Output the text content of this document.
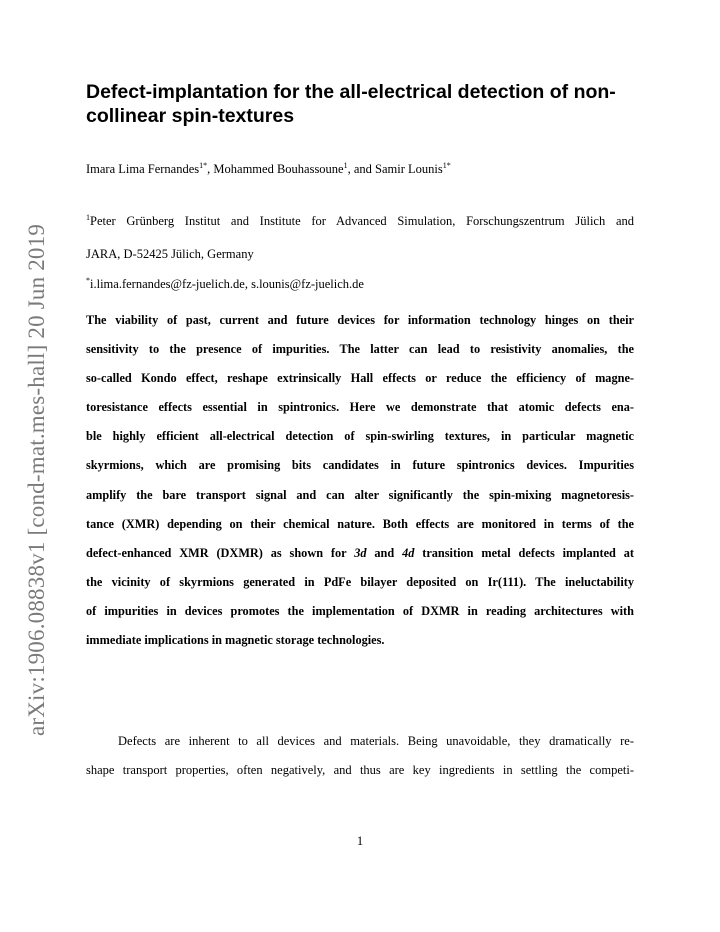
arXiv:1906.08838v1 [cond-mat.mes-hall] 20 Jun 2019
Defect-implantation for the all-electrical detection of non-
collinear spin-textures
Imara Lima Fernandes$^{1*}$, Mohammed Bouhassoune$^1$, and Samir Lounis$^{1*}$
$^1$Peter Grünberg Institut and Institute for Advanced Simulation, Forschungszentrum Jülich and
JARA, D-52425 Jülich, Germany
*i.lima.fernandes@fz-juelich.de, s.lounis@fz-juelich.de

The viability of past, current and future devices for information technology hinges on their
sensitivity to the presence of impurities. The latter can lead to resistivity anomalies, the
so-called Kondo effect, reshape extrinsically Hall effects or reduce the efficiency of magne-
toresistance effects essential in spintronics. Here we demonstrate that atomic defects ena-
ble highly efficient all-electrical detection of spin-swirling textures, in particular magnetic
skyrmions, which are promising bits candidates in future spintronics devices. Impurities
amplify the bare transport signal and can alter significantly the spin-mixing magnetoresis-
tance (XMR) depending on their chemical nature. Both effects are monitored in terms of the
defect-enhanced XMR (DXMR) as shown for 3d and 4d transition metal defects implanted at
the vicinity of skyrmions generated in PdFe bilayer deposited on Ir(111). The ineluctability
of impurities in devices promotes the implementation of DXMR in reading architectures with
immediate implications in magnetic storage technologies.

Defects are inherent to all devices and materials. Being unavoidable, they dramatically re-
shape transport properties, often negatively, and thus are key ingredients in settling the competi-

1
